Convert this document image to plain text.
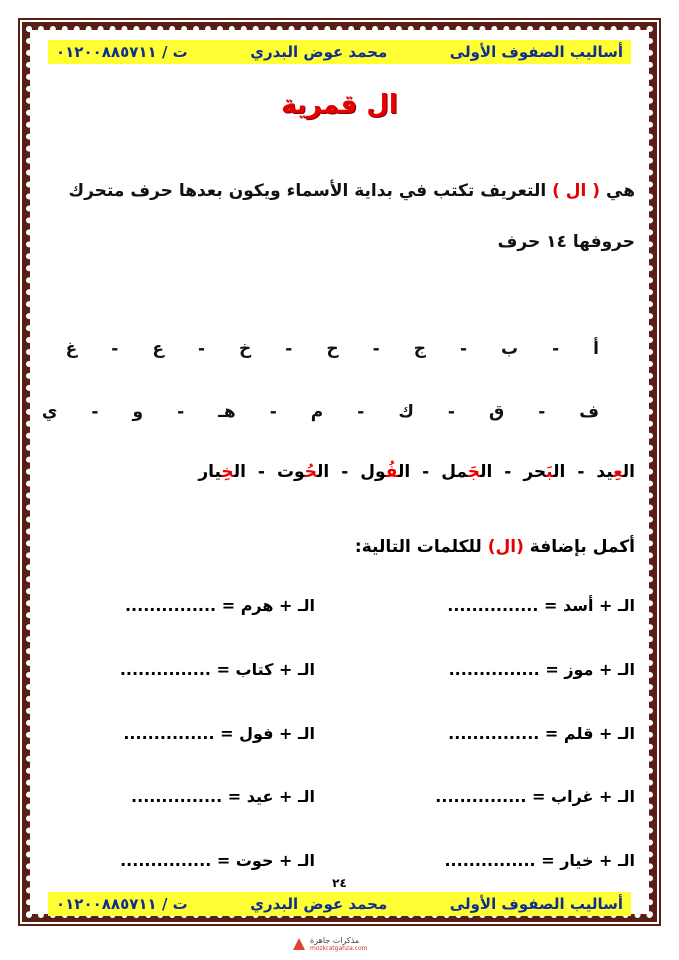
أساليب الصفوف الأولى
محمد عوض البدري
ت / ٠١٢٠٠٨٨٥٧١١
ال قمرية
هي ( ال ) التعريف تكتب في بداية الأسماء ويكون بعدها حرف متحرك
حروفها ١٤ حرف
أ-ب-ج-ح-خ-ع-غ
ف-ق-ك-م-هـ-و-ي
العِيد-البَحر-الجَمل-الفُول-الحُوت-الخِيار
أكمل بإضافة (ال) للكلمات التالية:
الـ + أسد = ...............
الـ + هرم = ...............
الـ + موز = ...............
الـ + كتاب = ...............
الـ + قلم = ...............
الـ + فول = ...............
الـ + غراب = ...............
الـ + عيد = ...............
الـ + خيار = ...............
الـ + حوت = ...............
٢٤
أساليب الصفوف الأولى
محمد عوض البدري
ت / ٠١٢٠٠٨٨٥٧١١
مذكرات جاهزة
mozkratgahza.com
